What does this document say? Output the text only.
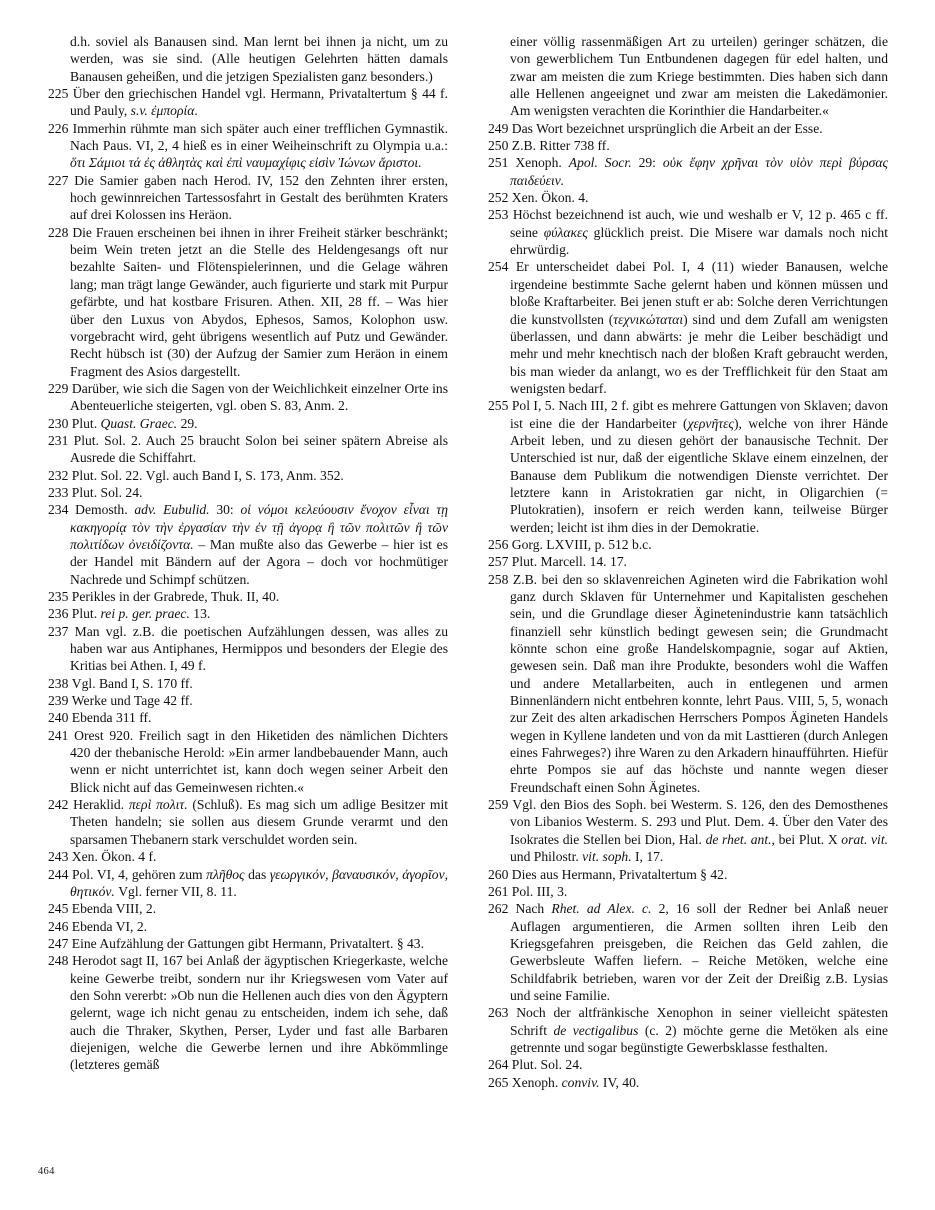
d.h. soviel als Banausen sind. Man lernt bei ihnen ja nicht, um zu werden, was sie sind. (Alle heutigen Gelehrten hätten damals Banausen geheißen, und die jetzigen Spezialisten ganz besonders.)

225 Über den griechischen Handel vgl. Hermann, Privataltertum § 44 f. und Pauly, s.v. ἐμπορία.

226 Immerhin rühmte man sich später auch einer trefflichen Gymnastik. Nach Paus. VI, 2, 4 hieß es in einer Weiheinschrift zu Olympia u.a.: ὅτι Σάμιοι τά ἐς ἀθλητὰς καὶ ἐπὶ ναυμαχίφις εἰσὶν Ἰώνων ἄριστοι.

227 Die Samier gaben nach Herod. IV, 152 den Zehnten ihrer ersten, hoch gewinnreichen Tartessosfahrt in Gestalt des berühmten Kraters auf drei Kolossen ins Heräon.

228 Die Frauen erscheinen bei ihnen in ihrer Freiheit stärker beschränkt; beim Wein treten jetzt an die Stelle des Heldengesangs oft nur bezahlte Saiten- und Flötenspielerinnen, und die Gelage währen lang; man trägt lange Gewänder, auch figurierte und stark mit Purpur gefärbte, und hat kostbare Frisuren. Athen. XII, 28 ff. – Was hier über den Luxus von Abydos, Ephesos, Samos, Kolophon usw. vorgebracht wird, geht übrigens wesentlich auf Putz und Gewänder. Recht hübsch ist (30) der Aufzug der Samier zum Heräon in einem Fragment des Asios dargestellt.

229 Darüber, wie sich die Sagen von der Weichlichkeit einzelner Orte ins Abenteuerliche steigerten, vgl. oben S. 83, Anm. 2.

230 Plut. Quast. Graec. 29.

231 Plut. Sol. 2. Auch 25 braucht Solon bei seiner spätern Abreise als Ausrede die Schiffahrt.

232 Plut. Sol. 22. Vgl. auch Band I, S. 173, Anm. 352.

233 Plut. Sol. 24.

234 Demosth. adv. Eubulid. 30: οἱ νόμοι κελεύουσιν ἔνοχον εἶναι τῃ κακηγορίᾳ τὸν τὴν ἐργασίαν τὴν ἐν τῇ ἀγορᾳ ἢ τῶν πολιτῶν ἢ τῶν πολιτίδων ὀνειδίζοντα. – Man mußte also das Gewerbe – hier ist es der Handel mit Bändern auf der Agora – doch vor hochmütiger Nachrede und Schimpf schützen.

235 Perikles in der Grabrede, Thuk. II, 40.

236 Plut. rei p. ger. praec. 13.

237 Man vgl. z.B. die poetischen Aufzählungen dessen, was alles zu haben war aus Antiphanes, Hermippos und besonders der Elegie des Kritias bei Athen. I, 49 f.

238 Vgl. Band I, S. 170 ff.

239 Werke und Tage 42 ff.

240 Ebenda 311 ff.

241 Orest 920. Freilich sagt in den Hiketiden des nämlichen Dichters 420 der thebanische Herold: »Ein armer landbebauender Mann, auch wenn er nicht unterrichtet ist, kann doch wegen seiner Arbeit den Blick nicht auf das Gemeinwesen richten.«

242 Heraklid. περὶ πολιτ. (Schluß). Es mag sich um adlige Besitzer mit Theten handeln; sie sollen aus diesem Grunde verarmt und den sparsamen Thebanern stark verschuldet worden sein.

243 Xen. Ökon. 4 f.

244 Pol. VI, 4, gehören zum πλῆθος das γεωργικόν, βαναυσικόν, ἀγορῖον, θητικόν. Vgl. ferner VII, 8. 11.

245 Ebenda VIII, 2.

246 Ebenda VI, 2.

247 Eine Aufzählung der Gattungen gibt Hermann, Privataltert. § 43.

248 Herodot sagt II, 167 bei Anlaß der ägyptischen Kriegerkaste, welche keine Gewerbe treibt, sondern nur ihr Kriegswesen vom Vater auf den Sohn vererbt: »Ob nun die Hellenen auch dies von den Ägyptern gelernt, wage ich nicht genau zu entscheiden, indem ich sehe, daß auch die Thraker, Skythen, Perser, Lyder und fast alle Barbaren diejenigen, welche die Gewerbe lernen und ihre Abkömmlinge (letzteres gemäß

einer völlig rassenmäßigen Art zu urteilen) geringer schätzen, die von gewerblichem Tun Entbundenen dagegen für edel halten, und zwar am meisten die zum Kriege bestimmten. Dies haben sich dann alle Hellenen angeeignet und zwar am meisten die Lakedämonier. Am wenigsten verachten die Korinthier die Handarbeiter.«

249 Das Wort bezeichnet ursprünglich die Arbeit an der Esse.

250 Z.B. Ritter 738 ff.

251 Xenoph. Apol. Socr. 29: οὐκ ἔφην χρῆναι τὸν υἱὸν περὶ βύρσας παιδεύειν.

252 Xen. Ökon. 4.

253 Höchst bezeichnend ist auch, wie und weshalb er V, 12 p. 465 c ff. seine φύλακες glücklich preist. Die Misere war damals noch nicht ehrwürdig.

254 Er unterscheidet dabei Pol. I, 4 (11) wieder Banausen, welche irgendeine bestimmte Sache gelernt haben und können müssen und bloße Kraftarbeiter. Bei jenen stuft er ab: Solche deren Verrichtungen die kunstvollsten (τεχνικώταται) sind und dem Zufall am wenigsten überlassen, und dann abwärts: je mehr die Leiber beschädigt und mehr und mehr knechtisch nach der bloßen Kraft gebraucht werden, bis man wieder da anlangt, wo es der Trefflichkeit für den Staat am wenigsten bedarf.

255 Pol I, 5. Nach III, 2 f. gibt es mehrere Gattungen von Sklaven; davon ist eine die der Handarbeiter (χερνῆτες), welche von ihrer Hände Arbeit leben, und zu diesen gehört der banausische Technit. Der Unterschied ist nur, daß der eigentliche Sklave einem einzelnen, der Banause dem Publikum die notwendigen Dienste verrichtet. Der letztere kann in Aristokratien gar nicht, in Oligarchien (= Plutokratien), insofern er reich werden kann, teilweise Bürger werden; leicht ist ihm dies in der Demokratie.

256 Gorg. LXVIII, p. 512 b.c.

257 Plut. Marcell. 14. 17.

258 Z.B. bei den so sklavenreichen Agineten wird die Fabrikation wohl ganz durch Sklaven für Unternehmer und Kapitalisten geschehen sein, und die Grundlage dieser Äginetenindustrie kann tatsächlich finanziell sehr künstlich bedingt gewesen sein; die Grundmacht könnte schon eine große Handelskompagnie, sogar auf Aktien, gewesen sein. Daß man ihre Produkte, besonders wohl die Waffen und andere Metallarbeiten, auch in entlegenen und armen Binnenländern nicht entbehren konnte, lehrt Paus. VIII, 5, 5, wonach zur Zeit des alten arkadischen Herrschers Pompos Ägineten Handels wegen in Kyllene landeten und von da mit Lasttieren (durch Anlegen eines Fahrweges?) ihre Waren zu den Arkadern hinaufführten. Hiefür ehrte Pompos sie auf das höchste und nannte wegen dieser Freundschaft einen Sohn Äginetes.

259 Vgl. den Bios des Soph. bei Westerm. S. 126, den des Demosthenes von Libanios Westerm. S. 293 und Plut. Dem. 4. Über den Vater des Isokrates die Stellen bei Dion, Hal. de rhet. ant., bei Plut. X orat. vit. und Philostr. vit. soph. I, 17.

260 Dies aus Hermann, Privataltertum § 42.

261 Pol. III, 3.

262 Nach Rhet. ad Alex. c. 2, 16 soll der Redner bei Anlaß neuer Auflagen argumentieren, die Armen sollten ihren Leib den Kriegsgefahren preisgeben, die Reichen das Geld zahlen, die Gewerbsleute Waffen liefern. – Reiche Metöken, welche eine Schildfabrik betrieben, waren vor der Zeit der Dreißig z.B. Lysias und seine Familie.

263 Noch der altfränkische Xenophon in seiner vielleicht spätesten Schrift de vectigalibus (c. 2) möchte gerne die Metöken als eine getrennte und sogar begünstigte Gewerbsklasse festhalten.

264 Plut. Sol. 24.

265 Xenoph. conviv. IV, 40.

464
